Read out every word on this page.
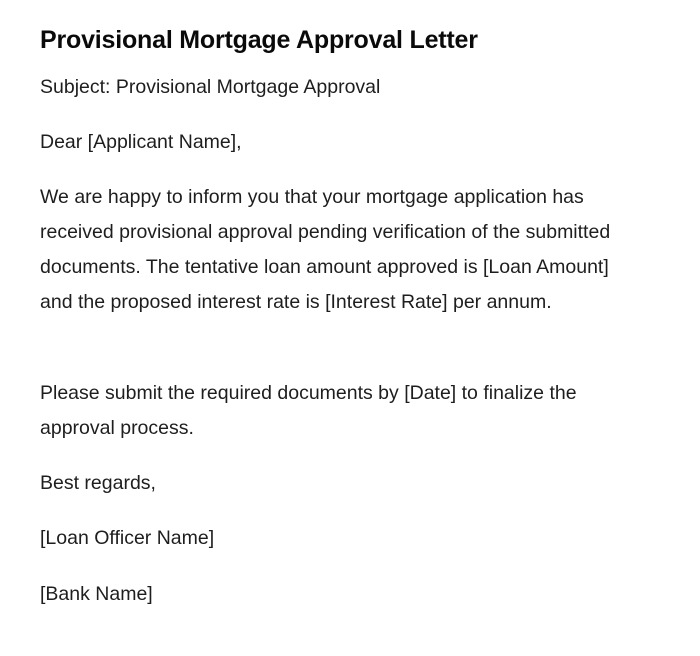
Provisional Mortgage Approval Letter

Subject: Provisional Mortgage Approval

Dear [Applicant Name],

We are happy to inform you that your mortgage application has received provisional approval pending verification of the submitted documents. The tentative loan amount approved is [Loan Amount] and the proposed interest rate is [Interest Rate] per annum.

Please submit the required documents by [Date] to finalize the approval process.

Best regards,

[Loan Officer Name]

[Bank Name]
